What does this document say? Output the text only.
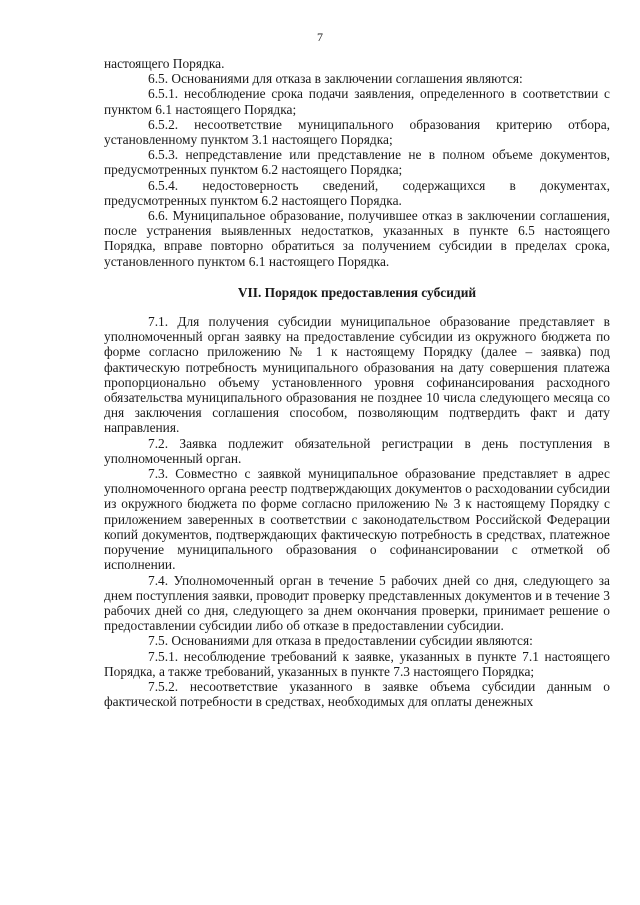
7

настоящего Порядка.

6.5. Основаниями для отказа в заключении соглашения являются:

6.5.1. несоблюдение срока подачи заявления, определенного в соответствии с пунктом 6.1 настоящего Порядка;

6.5.2. несоответствие муниципального образования критерию отбора, установленному пунктом 3.1 настоящего Порядка;

6.5.3. непредставление или представление не в полном объеме документов, предусмотренных пунктом 6.2 настоящего Порядка;

6.5.4. недостоверность сведений, содержащихся в документах, предусмотренных пунктом 6.2 настоящего Порядка.

6.6. Муниципальное образование, получившее отказ в заключении соглашения, после устранения выявленных недостатков, указанных в пункте 6.5 настоящего Порядка, вправе повторно обратиться за получением субсидии в пределах срока, установленного пунктом 6.1 настоящего Порядка.

VII. Порядок предоставления субсидий

7.1. Для получения субсидии муниципальное образование представляет в уполномоченный орган заявку на предоставление субсидии из окружного бюджета по форме согласно приложению № 1 к настоящему Порядку (далее – заявка) под фактическую потребность муниципального образования на дату совершения платежа пропорционально объему установленного уровня софинансирования расходного обязательства муниципального образования не позднее 10 числа следующего месяца со дня заключения соглашения способом, позволяющим подтвердить факт и дату направления.

7.2. Заявка подлежит обязательной регистрации в день поступления в уполномоченный орган.

7.3. Совместно с заявкой муниципальное образование представляет в адрес уполномоченного органа реестр подтверждающих документов о расходовании субсидии из окружного бюджета по форме согласно приложению № 3 к настоящему Порядку с приложением заверенных в соответствии с законодательством Российской Федерации копий документов, подтверждающих фактическую потребность в средствах, платежное поручение муниципального образования о софинансировании с отметкой об исполнении.

7.4. Уполномоченный орган в течение 5 рабочих дней со дня, следующего за днем поступления заявки, проводит проверку представленных документов и в течение 3 рабочих дней со дня, следующего за днем окончания проверки, принимает решение о предоставлении субсидии либо об отказе в предоставлении субсидии.

7.5. Основаниями для отказа в предоставлении субсидии являются:

7.5.1. несоблюдение требований к заявке, указанных в пункте 7.1 настоящего Порядка, а также требований, указанных в пункте 7.3 настоящего Порядка;

7.5.2. несоответствие указанного в заявке объема субсидии данным о фактической потребности в средствах, необходимых для оплаты денежных
